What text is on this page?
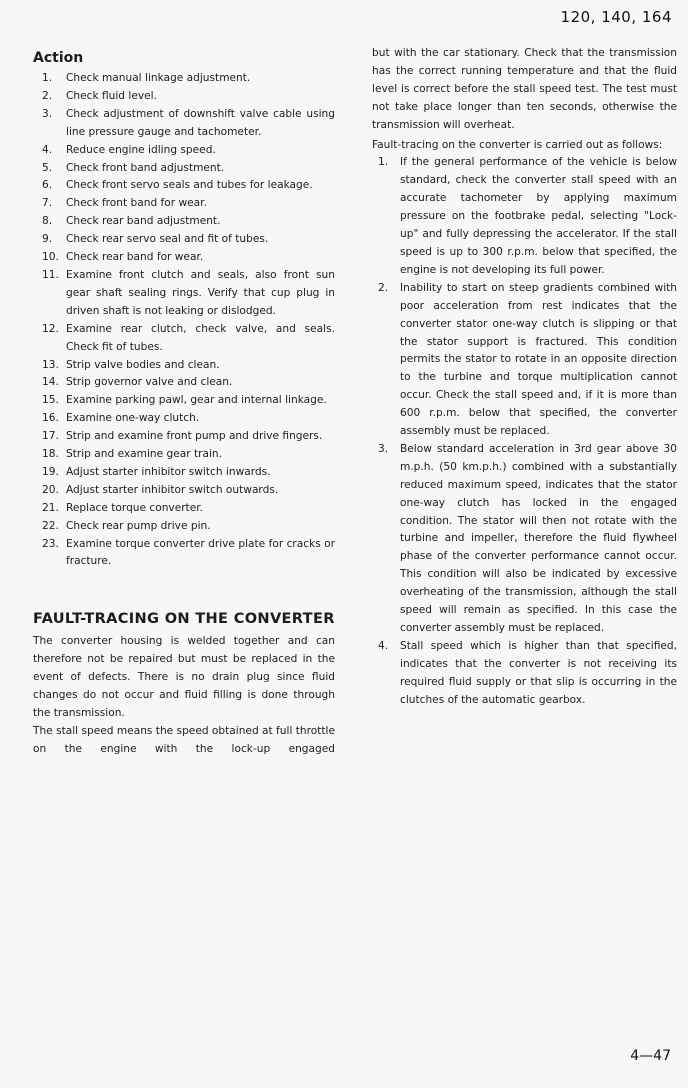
120, 140, 164
Action
1.	Check manual linkage adjustment.
2.	Check fluid level.
3.	Check adjustment of downshift valve cable using line pressure gauge and tachometer.
4.	Reduce engine idling speed.
5.	Check front band adjustment.
6.	Check front servo seals and tubes for leakage.
7.	Check front band for wear.
8.	Check rear band adjustment.
9.	Check rear servo seal and fit of tubes.
10. Check rear band for wear.
11. Examine front clutch and seals, also front sun gear shaft sealing rings. Verify that cup plug in driven shaft is not leaking or dislodged.
12. Examine rear clutch, check valve, and seals. Check fit of tubes.
13. Strip valve bodies and clean.
14. Strip governor valve and clean.
15. Examine parking pawl, gear and internal linkage.
16. Examine one-way clutch.
17. Strip and examine front pump and drive fingers.
18. Strip and examine gear train.
19. Adjust starter inhibitor switch inwards.
20. Adjust starter inhibitor switch outwards.
21. Replace torque converter.
22. Check rear pump drive pin.
23. Examine torque converter drive plate for cracks or fracture.
FAULT-TRACING ON THE CONVERTER

The converter housing is welded together and can therefore not be repaired but must be replaced in the event of defects. There is no drain plug since fluid changes do not occur and fluid filling is done through the transmission.

The stall speed means the speed obtained at full throttle on the engine with the lock-up engaged

but with the car stationary. Check that the transmission has the correct running temperature and that the fluid level is correct before the stall speed test. The test must not take place longer than ten seconds, otherwise the transmission will overheat.

Fault-tracing on the converter is carried out as follows:

1.	If the general performance of the vehicle is below standard, check the converter stall speed with an accurate tachometer by applying maximum pressure on the footbrake pedal, selecting "Lock-up" and fully depressing the accelerator. If the stall speed is up to 300 r.p.m. below that specified, the engine is not developing its full power.
2.	Inability to start on steep gradients combined with poor acceleration from rest indicates that the converter stator one-way clutch is slipping or that the stator support is fractured. This condition permits the stator to rotate in an opposite direction to the turbine and torque multiplication cannot occur. Check the stall speed and, if it is more than 600 r.p.m. below that specified, the converter assembly must be replaced.
3.	Below standard acceleration in 3rd gear above 30 m.p.h. (50 km.p.h.) combined with a substantially reduced maximum speed, indicates that the stator one-way clutch has locked in the engaged condition. The stator will then not rotate with the turbine and impeller, therefore the fluid flywheel phase of the converter performance cannot occur. This condition will also be indicated by excessive overheating of the transmission, although the stall speed will remain as specified. In this case the converter assembly must be replaced.
4.	Stall speed which is higher than that specified, indicates that the converter is not receiving its required fluid supply or that slip is occurring in the clutches of the automatic gearbox.
4—47
